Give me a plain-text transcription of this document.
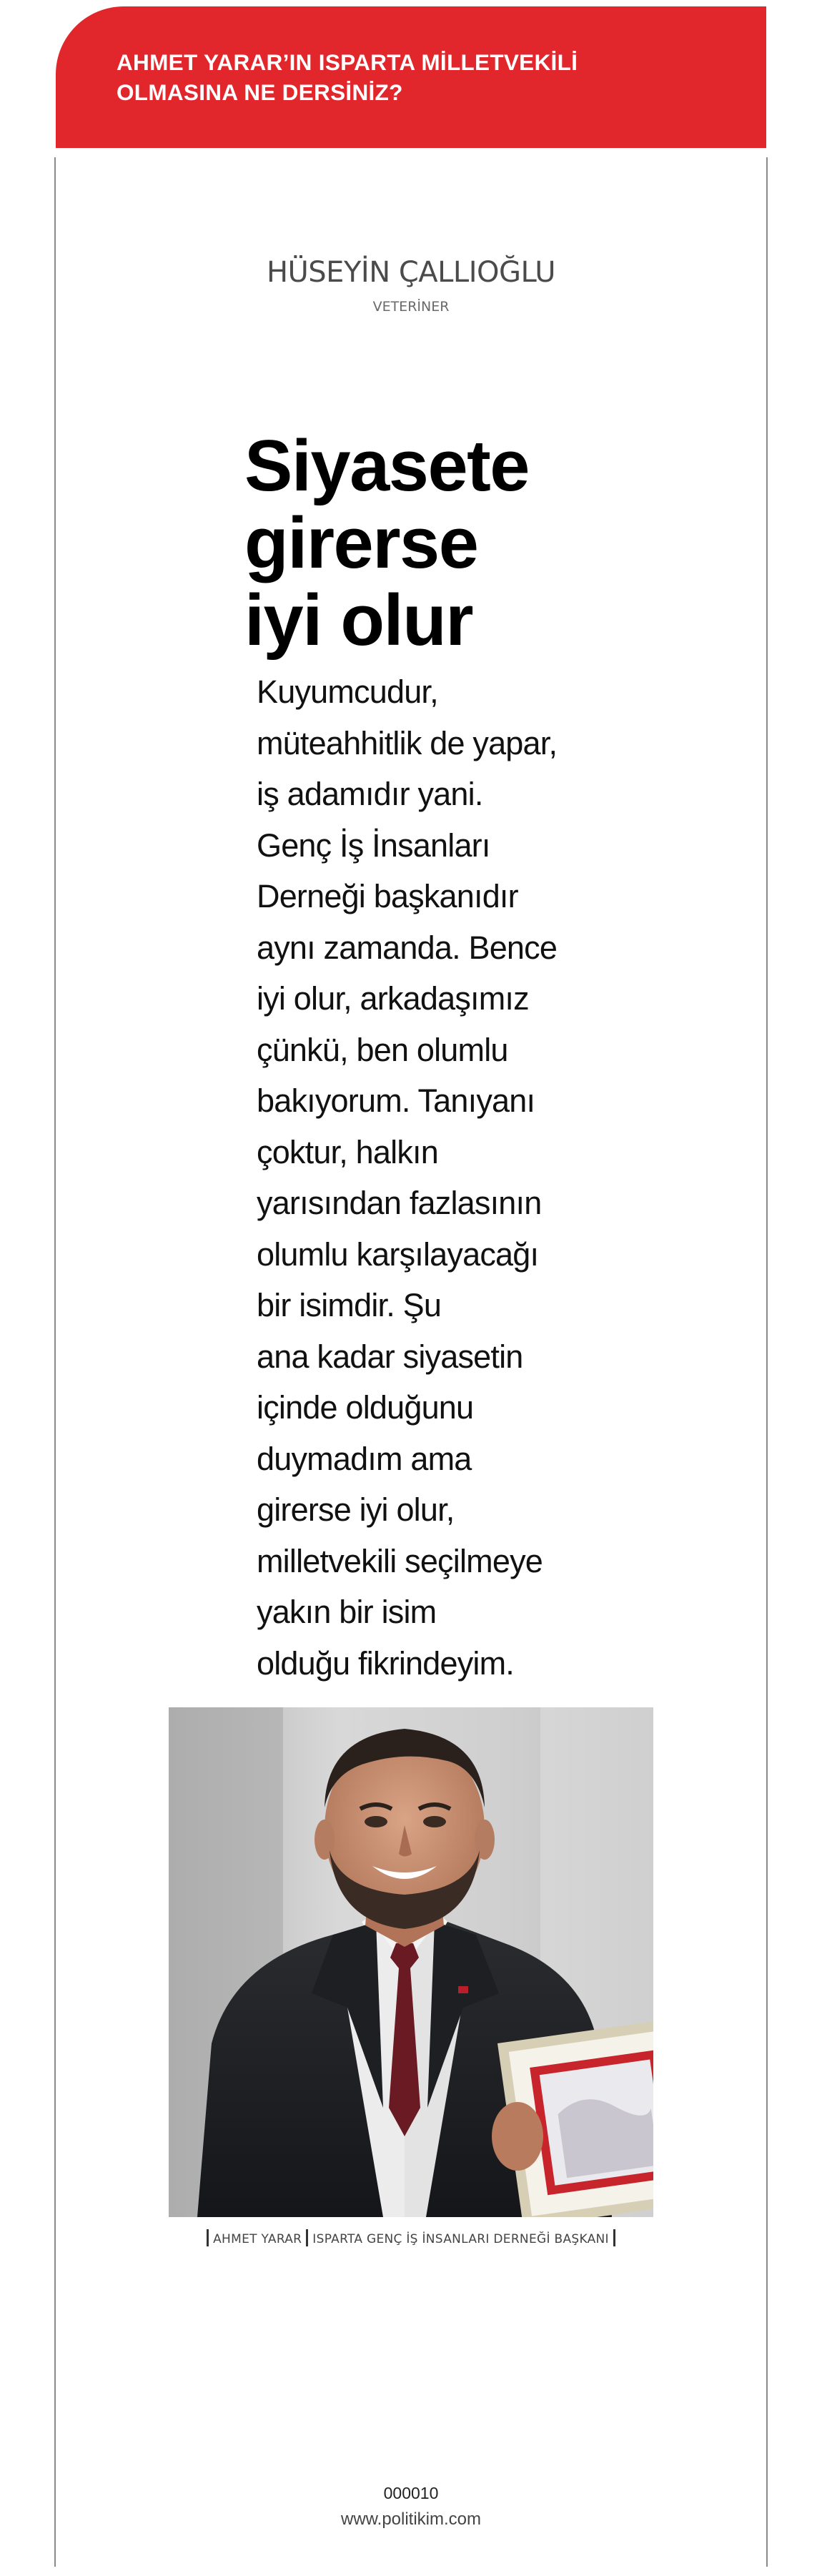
AHMET YARAR’IN ISPARTA MİLLETVEKİLİ
OLMASINA NE DERSİNİZ?
HÜSEYİN ÇALLIOĞLU
VETERİNER
Siyasete
girerse
iyi olur
Kuyumcudur,
müteahhitlik de yapar,
iş adamıdır yani.
Genç İş İnsanları
Derneği başkanıdır
aynı zamanda. Bence
iyi olur, arkadaşımız
çünkü, ben olumlu
bakıyorum. Tanıyanı
çoktur, halkın
yarısından fazlasının
olumlu karşılayacağı
bir isimdir. Şu
ana kadar siyasetin
içinde olduğunu
duymadım ama
girerse iyi olur,
milletvekili seçilmeye
yakın bir isim
olduğu fikrindeyim.
AHMET YARAR ISPARTA GENÇ İŞ İNSANLARI DERNEĞİ BAŞKANI
000010
www.politikim.com
